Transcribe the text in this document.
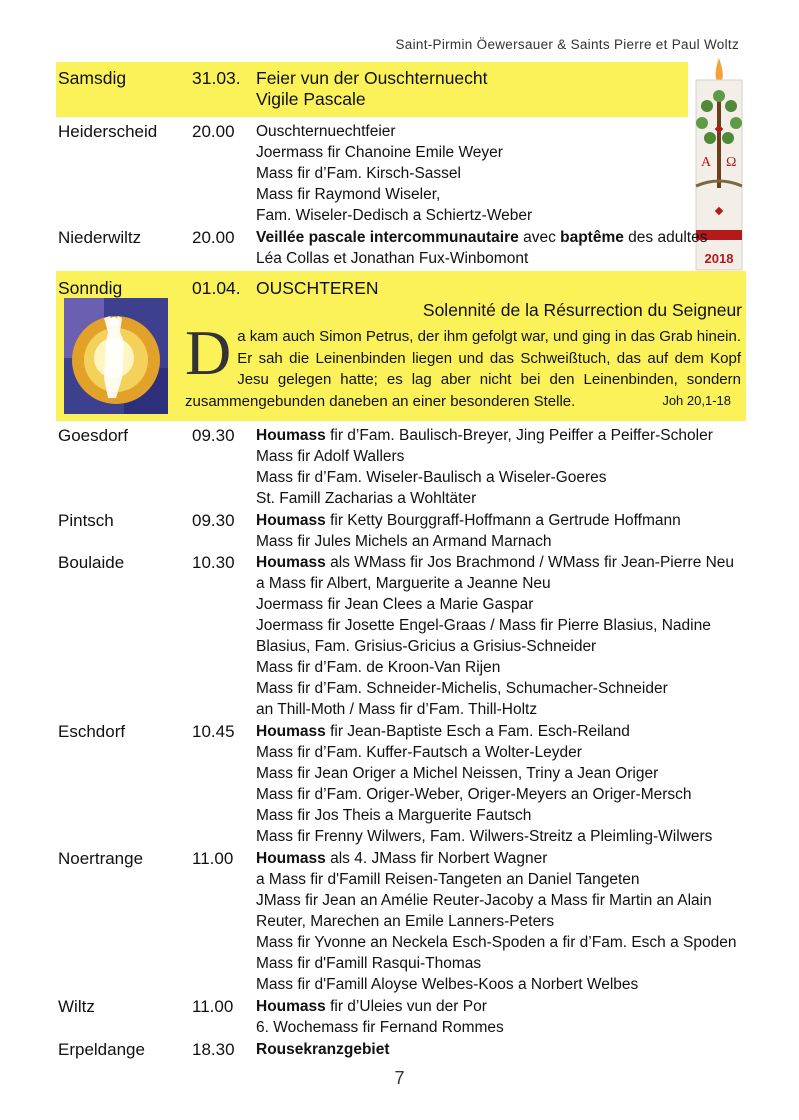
Saint-Pirmin Öewersauer & Saints Pierre et Paul Woltz
Samsdig	31.03. Feier vun der Ouschternuecht
Vigile Pascale
A Ω
2018
Heiderscheid 20.00 Ouschternuechtfeier
Joermass fir Chanoine Emile Weyer
Mass fir d’Fam. Kirsch-Sassel
Mass fir Raymond Wiseler,
Fam. Wiseler-Dedisch a Schiertz-Weber
Niederwiltz	20.00 Veillée pascale intercommunautaire avec baptême des adultes
Léa Collas et Jonathan Fux-Winbomont
Sonndig	01.04. OUSCHTEREN
Solennité de la Résurrection du Seigneur
Da kam auch Simon Petrus, der ihm gefolgt war, und ging in das Grab hinein. Er sah die Leinenbinden liegen und das Schweißtuch, das auf dem Kopf Jesu gelegen hatte; es lag aber nicht bei den Leinenbinden, sondern zusammengebunden daneben an einer besonderen Stelle.	Joh 20,1-18
Goesdorf	09.30 Houmass fir d’Fam. Baulisch-Breyer, Jing Peiffer a Peiffer-Scholer
Mass fir Adolf Wallers
Mass fir d’Fam. Wiseler-Baulisch a Wiseler-Goeres
St. Famill Zacharias a Wohltäter
Pintsch	09.30 Houmass fir Ketty Bourggraff-Hoffmann a Gertrude Hoffmann
Mass fir Jules Michels an Armand Marnach
Boulaide	10.30 Houmass als WMass fir Jos Brachmond / WMass fir Jean-Pierre Neu
a Mass fir Albert, Marguerite a Jeanne Neu
Joermass fir Jean Clees a Marie Gaspar
Joermass fir Josette Engel-Graas / Mass fir Pierre Blasius, Nadine
Blasius, Fam. Grisius-Gricius a Grisius-Schneider
Mass fir d’Fam. de Kroon-Van Rijen
Mass fir d’Fam. Schneider-Michelis, Schumacher-Schneider
an Thill-Moth / Mass fir d’Fam. Thill-Holtz
Eschdorf	10.45 Houmass fir Jean-Baptiste Esch a Fam. Esch-Reiland
Mass fir d’Fam. Kuffer-Fautsch a Wolter-Leyder
Mass fir Jean Origer a Michel Neissen, Triny a Jean Origer
Mass fir d’Fam. Origer-Weber, Origer-Meyers an Origer-Mersch
Mass fir Jos Theis a Marguerite Fautsch
Mass fir Frenny Wilwers, Fam. Wilwers-Streitz a Pleimling-Wilwers
Noertrange	11.00 Houmass als 4. JMass fir Norbert Wagner
a Mass fir d'Famill Reisen-Tangeten an Daniel Tangeten
JMass fir Jean an Amélie Reuter-Jacoby a Mass fir Martin an Alain
Reuter, Marechen an Emile Lanners-Peters
Mass fir Yvonne an Neckela Esch-Spoden a fir d’Fam. Esch a Spoden
Mass fir d'Famill Rasqui-Thomas
Mass fir d'Famill Aloyse Welbes-Koos a Norbert Welbes
Wiltz	11.00 Houmass fir d’Uleies vun der Por
6. Wochemass fir Fernand Rommes
Erpeldange	18.30 Rousekranzgebiet
7
